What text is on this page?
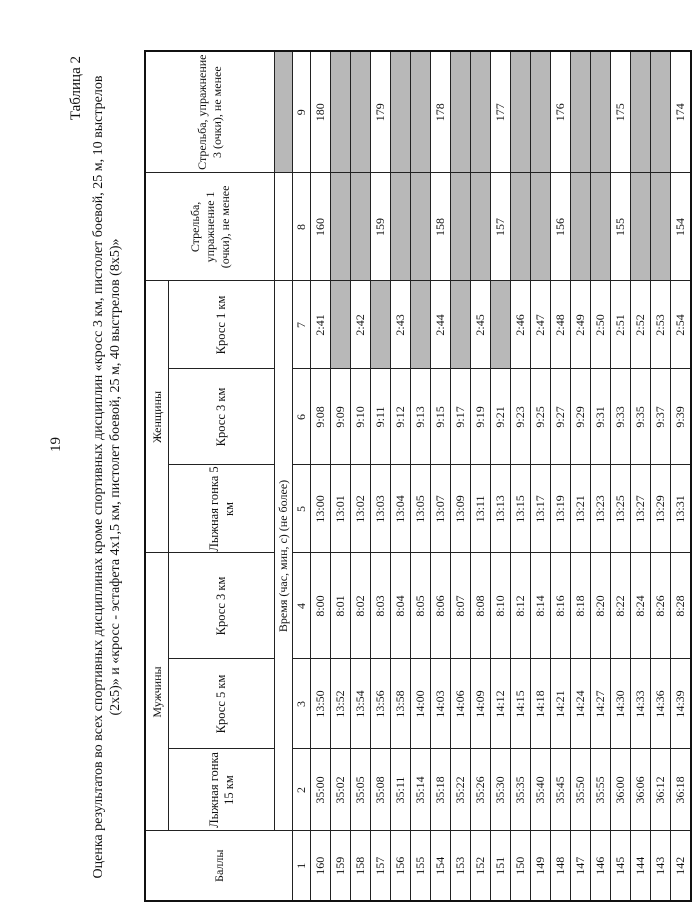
19
Таблица 2 Оценка результатов во всех спортивных дисциплинах кроме спортивных дисциплин «кросс 3 км, пистолет боевой, 25 м, 10 выстрелов (2х5)» и «кросс - эстафета 4х1,5 км, пистолет боевой, 25 м, 40 выстрелов (8х5)»
Баллы	Мужчины			Женщины			Стрельба, упражнение 1 (очки), не менее	Стрельба, упражнение 3 (очки), не менее
	Лыжная гонка 15 км	Кросс 5 км	Кросс 3 км	Лыжная гонка 5 км	Кросс 3 км	Кросс 1 км		
	Время (час, мин, с) (не более)							
1	2	3	4	5	6	7	8	9
160	35:00	13:50	8:00	13:00	9:08	2:41	160	180
159	35:02	13:52	8:01	13:01	9:09			
158	35:05	13:54	8:02	13:02	9:10	2:42		
157	35:08	13:56	8:03	13:03	9:11		159	179
156	35:11	13:58	8:04	13:04	9:12	2:43		
155	35:14	14:00	8:05	13:05	9:13			
154	35:18	14:03	8:06	13:07	9:15	2:44	158	178
153	35:22	14:06	8:07	13:09	9:17			
152	35:26	14:09	8:08	13:11	9:19	2:45		
151	35:30	14:12	8:10	13:13	9:21		157	177
150	35:35	14:15	8:12	13:15	9:23	2:46		
149	35:40	14:18	8:14	13:17	9:25	2:47		
148	35:45	14:21	8:16	13:19	9:27	2:48	156	176
147	35:50	14:24	8:18	13:21	9:29	2:49		
146	35:55	14:27	8:20	13:23	9:31	2:50		
145	36:00	14:30	8:22	13:25	9:33	2:51	155	175
144	36:06	14:33	8:24	13:27	9:35	2:52		
143	36:12	14:36	8:26	13:29	9:37	2:53		
142	36:18	14:39	8:28	13:31	9:39	2:54	154	174
